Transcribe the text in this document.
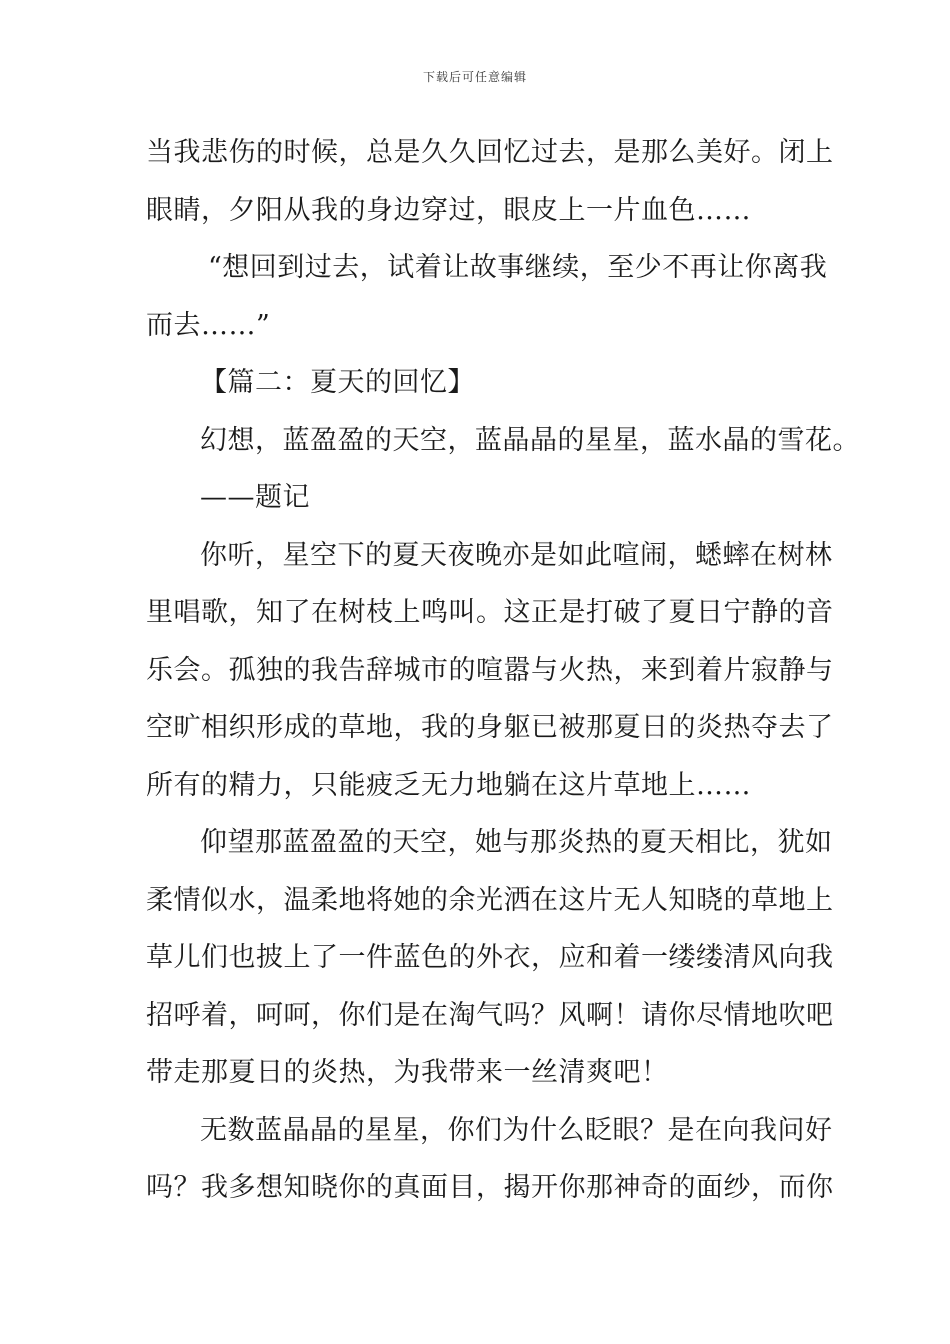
下载后可任意编辑
当我悲伤的时候，总是久久回忆过去，是那么美好。闭上
眼睛，夕阳从我的身边穿过，眼皮上一片血色……
“想回到过去，试着让故事继续，至少不再让你离我
而去……”
【篇二：夏天的回忆】
幻想，蓝盈盈的天空，蓝晶晶的星星，蓝水晶的雪花。
——题记
你听，星空下的夏天夜晚亦是如此喧闹，蟋蟀在树林
里唱歌，知了在树枝上鸣叫。这正是打破了夏日宁静的音
乐会。孤独的我告辞城市的喧嚣与火热，来到着片寂静与
空旷相织形成的草地，我的身躯已被那夏日的炎热夺去了
所有的精力，只能疲乏无力地躺在这片草地上……
仰望那蓝盈盈的天空，她与那炎热的夏天相比，犹如
柔情似水，温柔地将她的余光洒在这片无人知晓的草地上
草儿们也披上了一件蓝色的外衣，应和着一缕缕清风向我
招呼着，呵呵，你们是在淘气吗？风啊！请你尽情地吹吧
带走那夏日的炎热，为我带来一丝清爽吧！
无数蓝晶晶的星星，你们为什么眨眼？是在向我问好
吗？我多想知晓你的真面目，揭开你那神奇的面纱，而你
